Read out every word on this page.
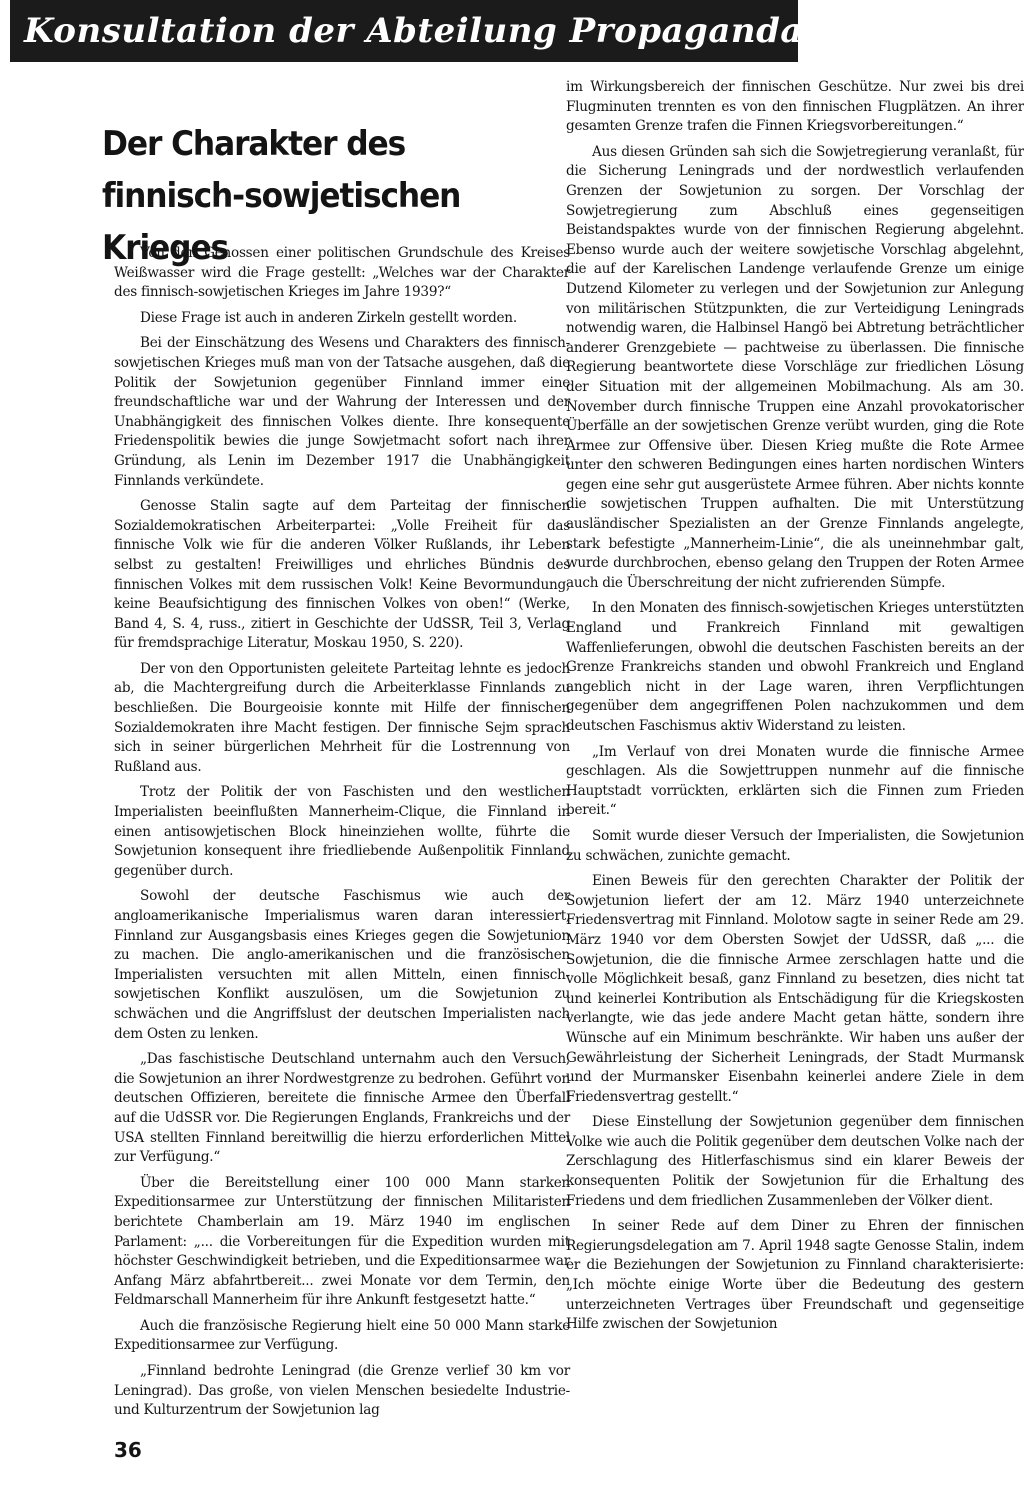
Konsultation der Abteilung Propaganda des ZK
Der Charakter des
finnisch-sowjetischen Krieges

Von den Genossen einer politischen Grundschule des Kreises Weißwasser wird die Frage gestellt: „Welches war der Charakter des finnisch-sowjetischen Krieges im Jahre 1939?“

Diese Frage ist auch in anderen Zirkeln gestellt worden.

Bei der Einschätzung des Wesens und Charakters des finnisch-sowjetischen Krieges muß man von der Tatsache ausgehen, daß die Politik der Sowjetunion gegenüber Finnland immer eine freundschaftliche war und der Wahrung der Interessen und der Unabhängigkeit des finnischen Volkes diente. Ihre konsequente Friedenspolitik bewies die junge Sowjetmacht sofort nach ihrer Gründung, als Lenin im Dezember 1917 die Unabhängigkeit Finnlands verkündete.

Genosse Stalin sagte auf dem Parteitag der finnischen Sozialdemokratischen Arbeiterpartei: „Volle Freiheit für das finnische Volk wie für die anderen Völker Rußlands, ihr Leben selbst zu gestalten! Freiwilliges und ehrliches Bündnis des finnischen Volkes mit dem russischen Volk! Keine Bevormundung, keine Beaufsichtigung des finnischen Volkes von oben!“ (Werke, Band 4, S. 4, russ., zitiert in Geschichte der UdSSR, Teil 3, Verlag für fremdsprachige Literatur, Moskau 1950, S. 220).

Der von den Opportunisten geleitete Parteitag lehnte es jedoch ab, die Machtergreifung durch die Arbeiterklasse Finnlands zu beschließen. Die Bourgeoisie konnte mit Hilfe der finnischen Sozialdemokraten ihre Macht festigen. Der finnische Sejm sprach sich in seiner bürgerlichen Mehrheit für die Lostrennung von Rußland aus.

Trotz der Politik der von Faschisten und den westlichen Imperialisten beeinflußten Mannerheim-Clique, die Finnland in einen antisowjetischen Block hineinziehen wollte, führte die Sowjetunion konsequent ihre friedliebende Außenpolitik Finnland gegenüber durch.

Sowohl der deutsche Faschismus wie auch der angloamerikanische Imperialismus waren daran interessiert, Finnland zur Ausgangsbasis eines Krieges gegen die Sowjetunion zu machen. Die anglo-amerikanischen und die französischen Imperialisten versuchten mit allen Mitteln, einen finnisch-sowjetischen Konflikt auszulösen, um die Sowjetunion zu schwächen und die Angriffslust der deutschen Imperialisten nach dem Osten zu lenken.

„Das faschistische Deutschland unternahm auch den Versuch, die Sowjetunion an ihrer Nordwestgrenze zu bedrohen. Geführt von deutschen Offizieren, bereitete die finnische Armee den Überfall auf die UdSSR vor. Die Regierungen Englands, Frankreichs und der USA stellten Finnland bereitwillig die hierzu erforderlichen Mittel zur Verfügung.“

Über die Bereitstellung einer 100 000 Mann starken Expeditionsarmee zur Unterstützung der finnischen Militaristen berichtete Chamberlain am 19. März 1940 im englischen Parlament: „... die Vorbereitungen für die Expedition wurden mit höchster Geschwindigkeit betrieben, und die Expeditionsarmee war Anfang März abfahrtbereit... zwei Monate vor dem Termin, den Feldmarschall Mannerheim für ihre Ankunft festgesetzt hatte.“

Auch die französische Regierung hielt eine 50 000 Mann starke Expeditionsarmee zur Verfügung.

„Finnland bedrohte Leningrad (die Grenze verlief 30 km vor Leningrad). Das große, von vielen Menschen besiedelte Industrie- und Kulturzentrum der Sowjetunion lag

im Wirkungsbereich der finnischen Geschütze. Nur zwei bis drei Flugminuten trennten es von den finnischen Flugplätzen. An ihrer gesamten Grenze trafen die Finnen Kriegsvorbereitungen.“

Aus diesen Gründen sah sich die Sowjetregierung veranlaßt, für die Sicherung Leningrads und der nordwestlich verlaufenden Grenzen der Sowjetunion zu sorgen. Der Vorschlag der Sowjetregierung zum Abschluß eines gegenseitigen Beistandspaktes wurde von der finnischen Regierung abgelehnt. Ebenso wurde auch der weitere sowjetische Vorschlag abgelehnt, die auf der Karelischen Landenge verlaufende Grenze um einige Dutzend Kilometer zu verlegen und der Sowjetunion zur Anlegung von militärischen Stützpunkten, die zur Verteidigung Leningrads notwendig waren, die Halbinsel Hangö bei Abtretung beträchtlicher anderer Grenzgebiete — pachtweise zu überlassen. Die finnische Regierung beantwortete diese Vorschläge zur friedlichen Lösung der Situation mit der allgemeinen Mobilmachung. Als am 30. November durch finnische Truppen eine Anzahl provokatorischer Überfälle an der sowjetischen Grenze verübt wurden, ging die Rote Armee zur Offensive über. Diesen Krieg mußte die Rote Armee unter den schweren Bedingungen eines harten nordischen Winters gegen eine sehr gut ausgerüstete Armee führen. Aber nichts konnte die sowjetischen Truppen aufhalten. Die mit Unterstützung ausländischer Spezialisten an der Grenze Finnlands angelegte, stark befestigte „Mannerheim-Linie“, die als uneinnehmbar galt, wurde durchbrochen, ebenso gelang den Truppen der Roten Armee auch die Überschreitung der nicht zufrierenden Sümpfe.

In den Monaten des finnisch-sowjetischen Krieges unterstützten England und Frankreich Finnland mit gewaltigen Waffenlieferungen, obwohl die deutschen Faschisten bereits an der Grenze Frankreichs standen und obwohl Frankreich und England angeblich nicht in der Lage waren, ihren Verpflichtungen gegenüber dem angegriffenen Polen nachzukommen und dem deutschen Faschismus aktiv Widerstand zu leisten.

„Im Verlauf von drei Monaten wurde die finnische Armee geschlagen. Als die Sowjettruppen nunmehr auf die finnische Hauptstadt vorrückten, erklärten sich die Finnen zum Frieden bereit.“

Somit wurde dieser Versuch der Imperialisten, die Sowjetunion zu schwächen, zunichte gemacht.

Einen Beweis für den gerechten Charakter der Politik der Sowjetunion liefert der am 12. März 1940 unterzeichnete Friedensvertrag mit Finnland. Molotow sagte in seiner Rede am 29. März 1940 vor dem Obersten Sowjet der UdSSR, daß „... die Sowjetunion, die die finnische Armee zerschlagen hatte und die volle Möglichkeit besaß, ganz Finnland zu besetzen, dies nicht tat und keinerlei Kontribution als Entschädigung für die Kriegskosten verlangte, wie das jede andere Macht getan hätte, sondern ihre Wünsche auf ein Minimum beschränkte. Wir haben uns außer der Gewährleistung der Sicherheit Leningrads, der Stadt Murmansk und der Murmansker Eisenbahn keinerlei andere Ziele in dem Friedensvertrag gestellt.“

Diese Einstellung der Sowjetunion gegenüber dem finnischen Volke wie auch die Politik gegenüber dem deutschen Volke nach der Zerschlagung des Hitlerfaschismus sind ein klarer Beweis der konsequenten Politik der Sowjetunion für die Erhaltung des Friedens und dem friedlichen Zusammenleben der Völker dient.

In seiner Rede auf dem Diner zu Ehren der finnischen Regierungsdelegation am 7. April 1948 sagte Genosse Stalin, indem er die Beziehungen der Sowjetunion zu Finnland charakterisierte: „Ich möchte einige Worte über die Bedeutung des gestern unterzeichneten Vertrages über Freundschaft und gegenseitige Hilfe zwischen der Sowjetunion

36
